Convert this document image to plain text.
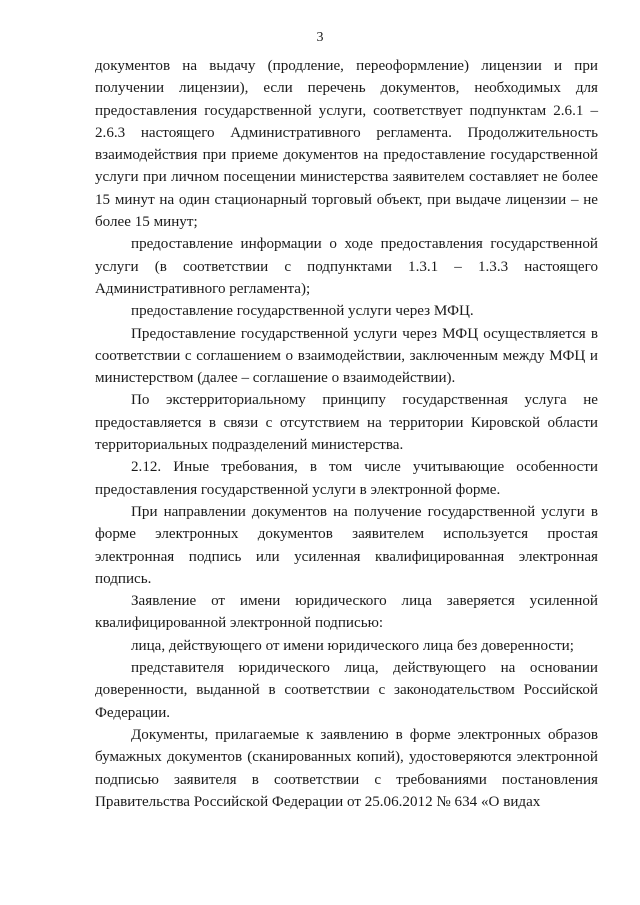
3

документов на выдачу (продление, переоформление) лицензии и при получении лицензии), если перечень документов, необходимых для предоставления государственной услуги, соответствует подпунктам 2.6.1 – 2.6.3 настоящего Административного регламента. Продолжительность взаимодействия при приеме документов на предоставление государственной услуги при личном посещении министерства заявителем составляет не более 15 минут на один стационарный торговый объект, при выдаче лицензии – не более 15 минут;

предоставление информации о ходе предоставления государственной услуги (в соответствии с подпунктами 1.3.1 – 1.3.3 настоящего Административного регламента);

предоставление государственной услуги через МФЦ.

Предоставление государственной услуги через МФЦ осуществляется в соответствии с соглашением о взаимодействии, заключенным между МФЦ и министерством (далее – соглашение о взаимодействии).

По экстерриториальному принципу государственная услуга не предоставляется в связи с отсутствием на территории Кировской области территориальных подразделений министерства.

2.12. Иные требования, в том числе учитывающие особенности предоставления государственной услуги в электронной форме.

При направлении документов на получение государственной услуги в форме электронных документов заявителем используется простая электронная подпись или усиленная квалифицированная электронная подпись.

Заявление от имени юридического лица заверяется усиленной квалифицированной электронной подписью:

лица, действующего от имени юридического лица без доверенности;

представителя юридического лица, действующего на основании доверенности, выданной в соответствии с законодательством Российской Федерации.

Документы, прилагаемые к заявлению в форме электронных образов бумажных документов (сканированных копий), удостоверяются электронной подписью заявителя в соответствии с требованиями постановления Правительства Российской Федерации от 25.06.2012 № 634 «О видах
